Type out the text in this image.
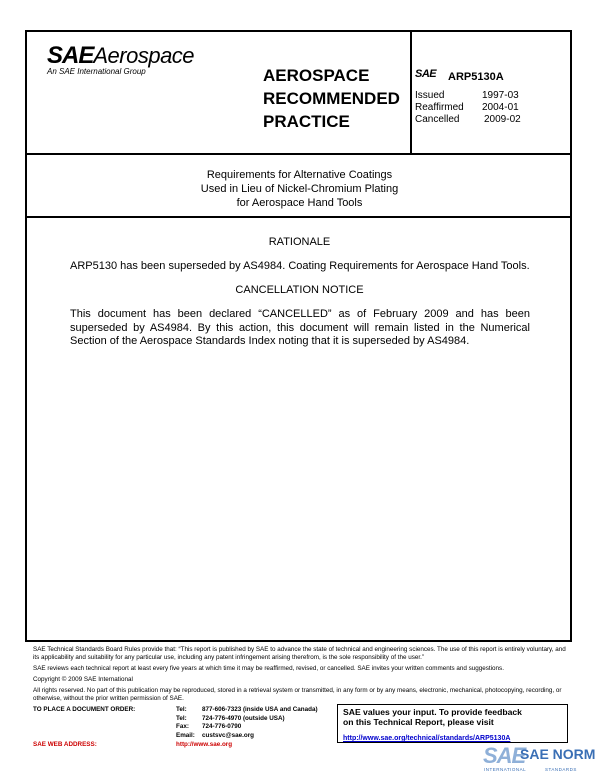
SAEAerospace
An SAE International Group	AEROSPACE
RECOMMENDED
PRACTICE
SAE ARP5130A
Issued	1997-03
Reaffirmed	2004-01
Cancelled	2009-02
Requirements for Alternative Coatings
Used in Lieu of Nickel-Chromium Plating
for Aerospace Hand Tools
RATIONALE
ARP5130 has been superseded by AS4984. Coating Requirements for Aerospace Hand Tools.
CANCELLATION NOTICE
This document has been declared “CANCELLED” as of February 2009 and has been superseded by AS4984. By this action, this document will remain listed in the Numerical Section of the Aerospace Standards Index noting that it is superseded by AS4984.
SAE Technical Standards Board Rules provide that: “This report is published by SAE to advance the state of technical and engineering sciences. The use of this report is entirely voluntary, and its applicability and suitability for any particular use, including any patent infringement arising therefrom, is the sole responsibility of the user.”
SAE reviews each technical report at least every five years at which time it may be reaffirmed, revised, or cancelled. SAE invites your written comments and suggestions.
Copyright © 2009 SAE International
All rights reserved. No part of this publication may be reproduced, stored in a retrieval system or transmitted, in any form or by any means, electronic, mechanical, photocopying, recording, or otherwise, without the prior written permission of SAE.
TO PLACE A DOCUMENT ORDER:	Tel: 877-606-7323 (inside USA and Canada)
Tel: 724-776-4970 (outside USA)
Fax: 724-776-0790
Email: custsvc@sae.org
SAE WEB ADDRESS:	http://www.sae.org
SAE values your input. To provide feedback
on this Technical Report, please visit
http://www.sae.org/technical/standards/ARP5130A
SAE
SAE NORM
INTERNATIONAL	STANDARDS
